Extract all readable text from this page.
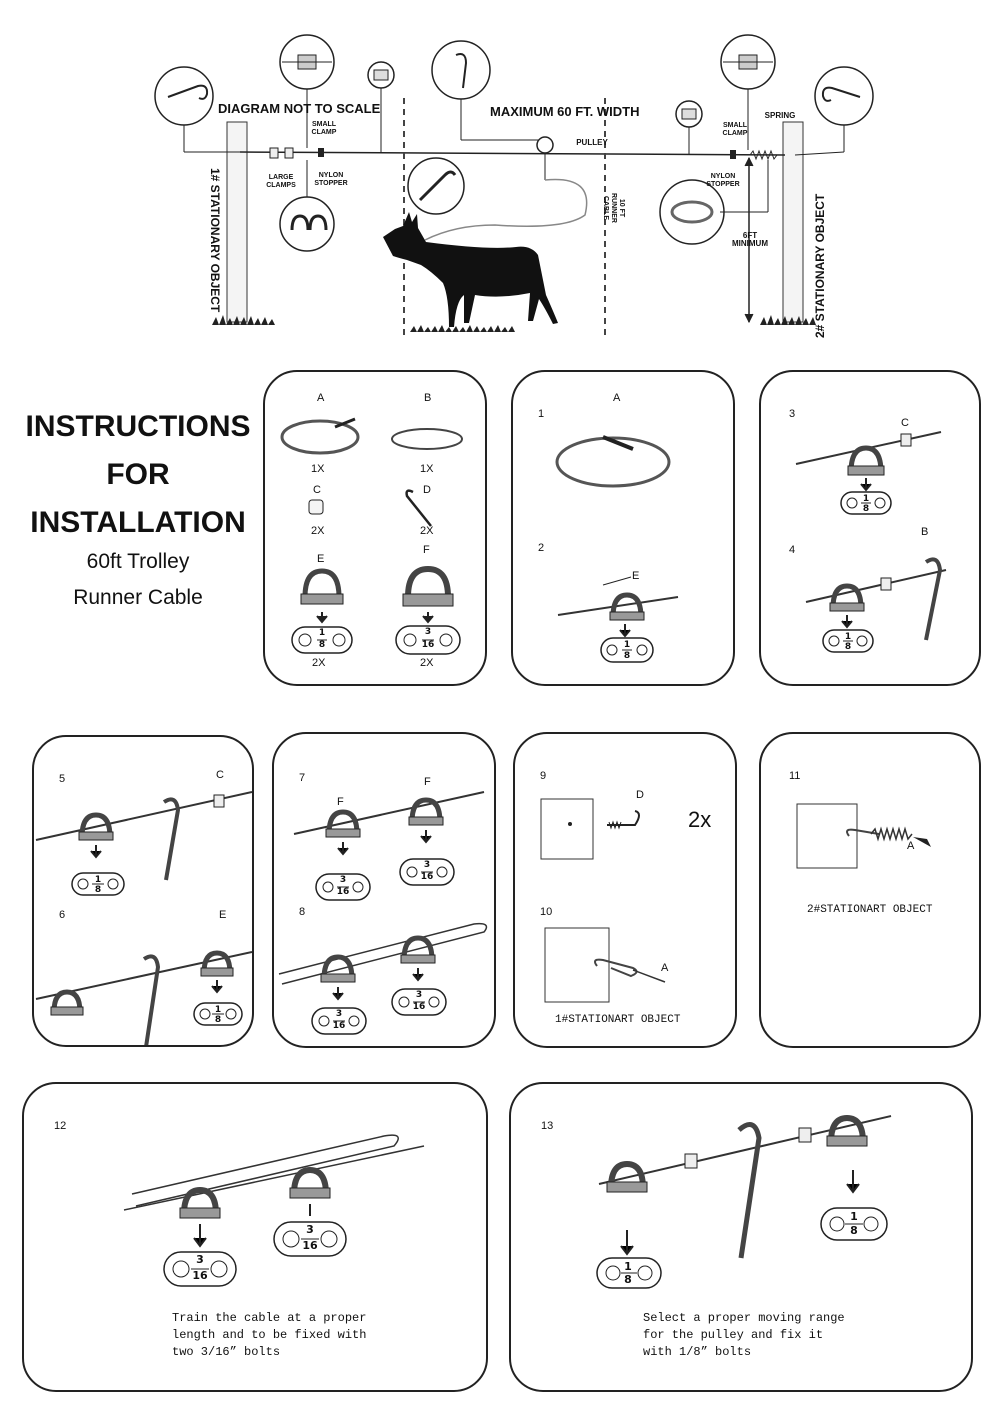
DIAGRAM NOT TO SCALE	MAXIMUM 60 FT. WIDTH
SMALL CLAMP
SMALL CLAMP
SPRING
PULLEY
LARGE CLAMPS
NYLON STOPPER
NYLON STOPPER
10 FT RUNNER CABLE
6FT MINIMUM
1# STATIONARY OBJECT	2# STATIONARY OBJECT
INSTRUCTIONS
FOR
INSTALLATION
60ft Trolley
Runner Cable
A	B
1X	1X
C	D
2X	2X
E
F
1
8
3
16
2X	2X
1
A
2
E
1
8
3
C
1
8
4
B
1
8
5	C
1
8
6	E
1
8
7
F
F
3
16
3
16
8
3
16
3
16
9
D
2x
10
A
1#STATIONART OBJECT
11
A
2#STATIONART OBJECT
12
3
16
3
16
Train the cable at a proper
length and to be fixed with
two 3/16” bolts
13
1
8
1
8
Select a proper moving range
for the pulley and fix it
with 1/8” bolts
